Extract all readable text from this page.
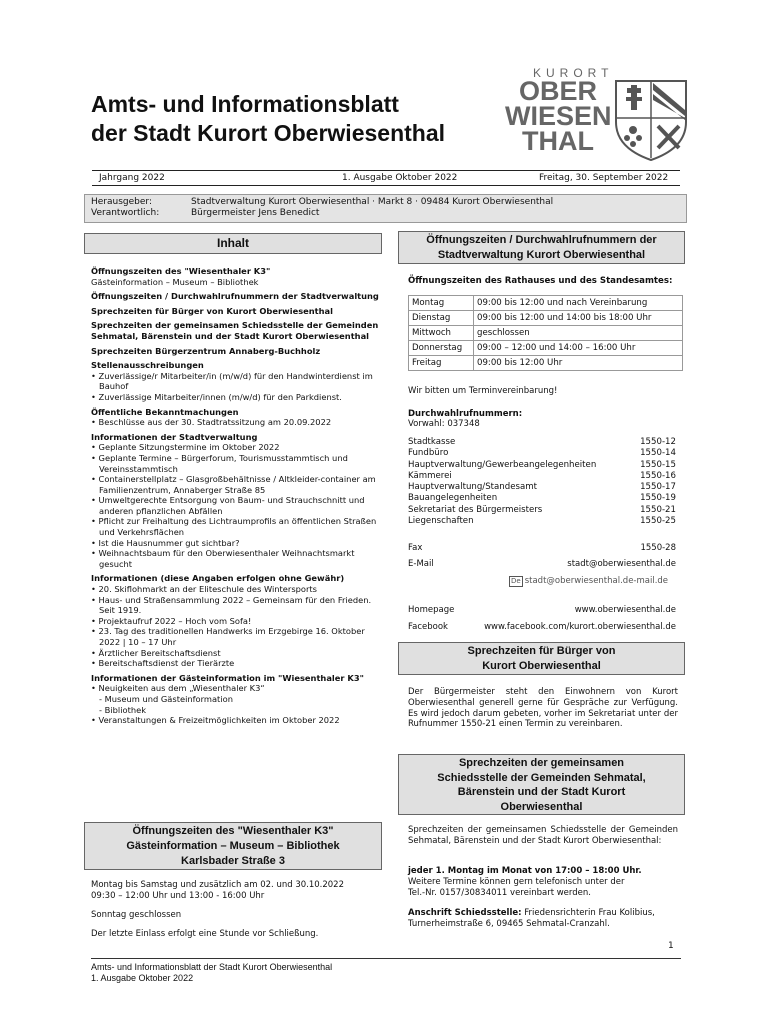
Amts- und Informationsblatt
der Stadt Kurort Oberwiesenthal
KURORT
OBER
WIESEN
THAL
Jahrgang 2022	1. Ausgabe Oktober 2022	Freitag, 30. September 2022
Herausgeber:	Stadtverwaltung Kurort Oberwiesenthal · Markt 8 · 09484 Kurort Oberwiesenthal
Verantwortlich:	Bürgermeister Jens Benedict
Inhalt
Öffnungszeiten des "Wiesenthaler K3"
Gästeinformation – Museum – Bibliothek
Öffnungszeiten / Durchwahlrufnummern der Stadtverwaltung
Sprechzeiten für Bürger von Kurort Oberwiesenthal
Sprechzeiten der gemeinsamen Schiedsstelle der Gemeinden Sehmatal, Bärenstein und der Stadt Kurort Oberwiesenthal
Sprechzeiten Bürgerzentrum Annaberg-Buchholz
Stellenausschreibungen
• Zuverlässige/r Mitarbeiter/in (m/w/d) für den Handwinterdienst im Bauhof
• Zuverlässige Mitarbeiter/innen (m/w/d) für den Parkdienst.
Öffentliche Bekanntmachungen
• Beschlüsse aus der 30. Stadtratssitzung am 20.09.2022
Informationen der Stadtverwaltung
• Geplante Sitzungstermine im Oktober 2022
• Geplante Termine – Bürgerforum, Tourismusstammtisch und Vereinsstammtisch
• Containerstellplatz – Glasgroßbehältnisse / Altkleider-container am Familienzentrum, Annaberger Straße 85
• Umweltgerechte Entsorgung von Baum- und Strauchschnitt und anderen pflanzlichen Abfällen
• Pflicht zur Freihaltung des Lichtraumprofils an öffentlichen Straßen und Verkehrsflächen
• Ist die Hausnummer gut sichtbar?
• Weihnachtsbaum für den Oberwiesenthaler Weihnachtsmarkt gesucht
Informationen (diese Angaben erfolgen ohne Gewähr)
• 20. Skiflohmarkt an der Eliteschule des Wintersports
• Haus- und Straßensammlung 2022 – Gemeinsam für den Frieden. Seit 1919.
• Projektaufruf 2022 – Hoch vom Sofa!
• 23. Tag des traditionellen Handwerks im Erzgebirge 16. Oktober 2022 | 10 – 17 Uhr
• Ärztlicher Bereitschaftsdienst
• Bereitschaftsdienst der Tierärzte
Informationen der Gästeinformation im "Wiesenthaler K3"
• Neuigkeiten aus dem „Wiesenthaler K3“
- Museum und Gästeinformation
- Bibliothek
• Veranstaltungen & Freizeitmöglichkeiten im Oktober 2022
Öffnungszeiten des "Wiesenthaler K3"
Gästeinformation – Museum – Bibliothek
Karlsbader Straße 3
Montag bis Samstag und zusätzlich am 02. und 30.10.2022
09:30 – 12:00 Uhr und 13:00 - 16:00 Uhr
Sonntag geschlossen
Der letzte Einlass erfolgt eine Stunde vor Schließung.
Öffnungszeiten / Durchwahlrufnummern der
Stadtverwaltung Kurort Oberwiesenthal
Öffnungszeiten des Rathauses und des Standesamtes:
Montag	09:00 bis 12:00 und nach Vereinbarung
Dienstag	09:00 bis 12:00 und 14:00 bis 18:00 Uhr
Mittwoch	geschlossen
Donnerstag	09:00 – 12:00 und 14:00 – 16:00 Uhr
Freitag	09:00 bis 12:00 Uhr
Wir bitten um Terminvereinbarung!
Durchwahlrufnummern:
Vorwahl: 037348
Stadtkasse	1550-12
Fundbüro	1550-14
Hauptverwaltung/Gewerbeangelegenheiten	1550-15
Kämmerei	1550-16
Hauptverwaltung/Standesamt	1550-17
Bauangelegenheiten	1550-19
Sekretariat des Bürgermeisters	1550-21
Liegenschaften	1550-25
Fax	1550-28
E-Mail	stadt@oberwiesenthal.de
De stadt@oberwiesenthal.de-mail.de
Homepage	www.oberwiesenthal.de
Facebook	www.facebook.com/kurort.oberwiesenthal.de
Sprechzeiten für Bürger von
Kurort Oberwiesenthal
Der Bürgermeister steht den Einwohnern von Kurort Oberwiesenthal generell gerne für Gespräche zur Verfügung. Es wird jedoch darum gebeten, vorher im Sekretariat unter der Rufnummer 1550-21 einen Termin zu vereinbaren.
Sprechzeiten der gemeinsamen
Schiedsstelle der Gemeinden Sehmatal,
Bärenstein und der Stadt Kurort
Oberwiesenthal
Sprechzeiten der gemeinsamen Schiedsstelle der Gemeinden Sehmatal, Bärenstein und der Stadt Kurort Oberwiesenthal:
jeder 1. Montag im Monat von 17:00 – 18:00 Uhr.
Weitere Termine können gern telefonisch unter der
Tel.-Nr. 0157/30834011 vereinbart werden.
Anschrift Schiedsstelle: Friedensrichterin Frau Kolibius, Turnerheimstraße 6, 09465 Sehmatal-Cranzahl.
1
Amts- und Informationsblatt der Stadt Kurort Oberwiesenthal
1. Ausgabe Oktober 2022
